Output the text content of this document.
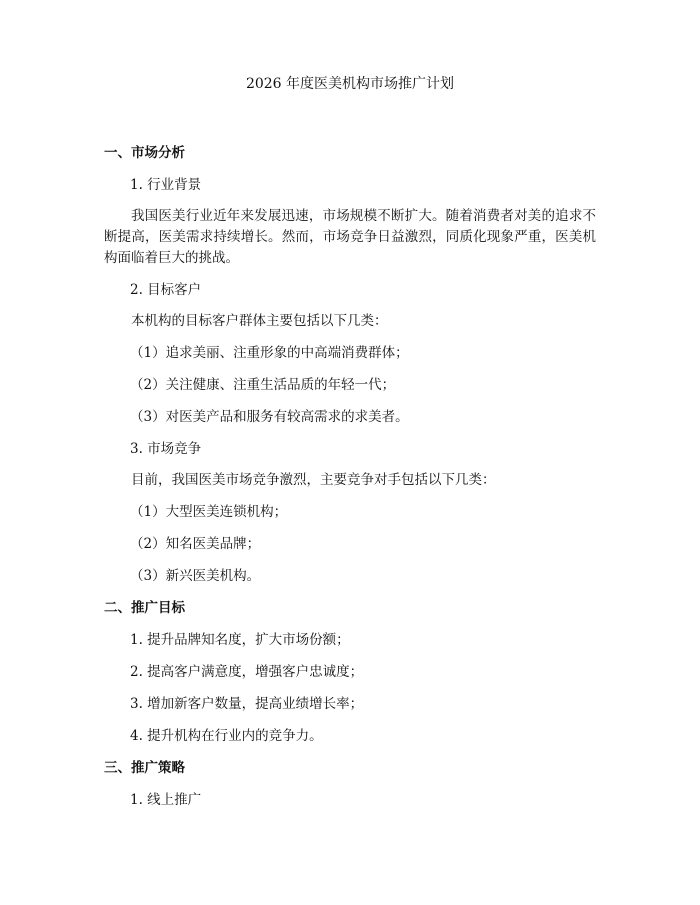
2026 年度医美机构市场推广计划
一、市场分析
1. 行业背景

我国医美行业近年来发展迅速，市场规模不断扩大。随着消费者对美的追求不断提高，医美需求持续增长。然而，市场竞争日益激烈，同质化现象严重，医美机构面临着巨大的挑战。

2. 目标客户

本机构的目标客户群体主要包括以下几类：

（1）追求美丽、注重形象的中高端消费群体；
（2）关注健康、注重生活品质的年轻一代；
（3）对医美产品和服务有较高需求的求美者。
3. 市场竞争

目前，我国医美市场竞争激烈，主要竞争对手包括以下几类：

（1）大型医美连锁机构；
（2）知名医美品牌；
（3）新兴医美机构。
二、推广目标
1. 提升品牌知名度，扩大市场份额；
2. 提高客户满意度，增强客户忠诚度；
3. 增加新客户数量，提高业绩增长率；
4. 提升机构在行业内的竞争力。
三、推广策略
1. 线上推广
